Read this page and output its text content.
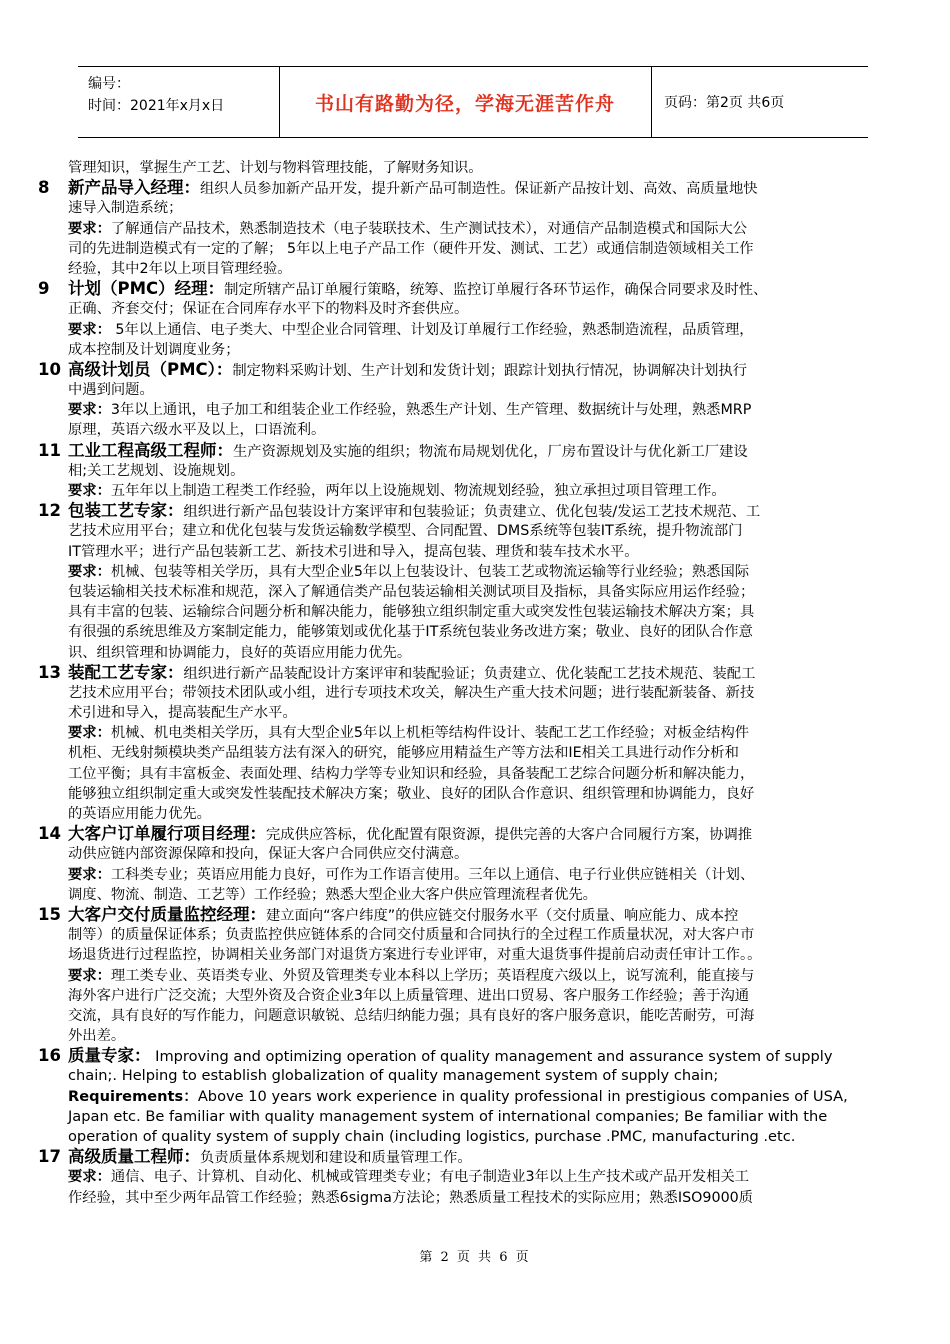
编号：
时间：2021年x月x日	书山有路勤为径，学海无涯苦作舟	页码：第2页 共6页
管理知识，掌握生产工艺、计划与物料管理技能，了解财务知识。
8 新产品导入经理：组织人员参加新产品开发，提升新产品可制造性。保证新产品按计划、高效、高质量地快
速导入制造系统；
要求：了解通信产品技术，熟悉制造技术（电子装联技术、生产测试技术），对通信产品制造模式和国际大公
司的先进制造模式有一定的了解； 5年以上电子产品工作（硬件开发、测试、工艺）或通信制造领域相关工作
经验，其中2年以上项目管理经验。
9 计划（PMC）经理：制定所辖产品订单履行策略，统筹、监控订单履行各环节运作，确保合同要求及时性、
正确、齐套交付；保证在合同库存水平下的物料及时齐套供应。
要求： 5年以上通信、电子类大、中型企业合同管理、计划及订单履行工作经验，熟悉制造流程，品质管理，
成本控制及计划调度业务；
10 高级计划员（PMC）：制定物料采购计划、生产计划和发货计划；跟踪计划执行情况，协调解决计划执行
中遇到问题。
要求：3年以上通讯，电子加工和组装企业工作经验，熟悉生产计划、生产管理、数据统计与处理，熟悉MRP
原理，英语六级水平及以上，口语流利。
11 工业工程高级工程师：生产资源规划及实施的组织；物流布局规划优化，厂房布置设计与优化新工厂建设
相;关工艺规划、设施规划。
要求：五年年以上制造工程类工作经验，两年以上设施规划、物流规划经验，独立承担过项目管理工作。
12 包装工艺专家：组织进行新产品包装设计方案评审和包装验证；负责建立、优化包装/发运工艺技术规范、工
艺技术应用平台；建立和优化包装与发货运输数学模型、合同配置、DMS系统等包装IT系统，提升物流部门
IT管理水平；进行产品包装新工艺、新技术引进和导入，提高包装、理货和装车技术水平。
要求：机械、包装等相关学历，具有大型企业5年以上包装设计、包装工艺或物流运输等行业经验；熟悉国际
包装运输相关技术标准和规范，深入了解通信类产品包装运输相关测试项目及指标，具备实际应用运作经验；
具有丰富的包装、运输综合问题分析和解决能力，能够独立组织制定重大或突发性包装运输技术解决方案；具
有很强的系统思维及方案制定能力，能够策划或优化基于IT系统包装业务改进方案；敬业、良好的团队合作意
识、组织管理和协调能力，良好的英语应用能力优先。
13 装配工艺专家：组织进行新产品装配设计方案评审和装配验证；负责建立、优化装配工艺技术规范、装配工
艺技术应用平台；带领技术团队或小组，进行专项技术攻关，解决生产重大技术问题；进行装配新装备、新技
术引进和导入，提高装配生产水平。
要求：机械、机电类相关学历，具有大型企业5年以上机柜等结构件设计、装配工艺工作经验；对板金结构件
机柜、无线射频模块类产品组装方法有深入的研究，能够应用精益生产等方法和IE相关工具进行动作分析和
工位平衡；具有丰富板金、表面处理、结构力学等专业知识和经验，具备装配工艺综合问题分析和解决能力，
能够独立组织制定重大或突发性装配技术解决方案；敬业、良好的团队合作意识、组织管理和协调能力，良好
的英语应用能力优先。
14 大客户订单履行项目经理：完成供应答标，优化配置有限资源，提供完善的大客户合同履行方案，协调推
动供应链内部资源保障和投向，保证大客户合同供应交付满意。
要求：工科类专业；英语应用能力良好，可作为工作语言使用。三年以上通信、电子行业供应链相关（计划、
调度、物流、制造、工艺等）工作经验；熟悉大型企业大客户供应管理流程者优先。
15 大客户交付质量监控经理：建立面向“客户纬度”的供应链交付服务水平（交付质量、响应能力、成本控
制等）的质量保证体系；负责监控供应链体系的合同交付质量和合同执行的全过程工作质量状况，对大客户市
场退货进行过程监控，协调相关业务部门对退货方案进行专业评审，对重大退货事件提前启动责任审计工作。。
要求：理工类专业、英语类专业、外贸及管理类专业本科以上学历；英语程度六级以上，说写流利，能直接与
海外客户进行广泛交流；大型外资及合资企业3年以上质量管理、进出口贸易、客户服务工作经验；善于沟通
交流，具有良好的写作能力，问题意识敏锐、总结归纳能力强；具有良好的客户服务意识，能吃苦耐劳，可海
外出差。
16 质量专家： Improving and optimizing operation of quality management and assurance system of supply
chain;. Helping to establish globalization of quality management system of supply chain;
Requirements：Above 10 years work experience in quality professional in prestigious companies of USA,
Japan etc. Be familiar with quality management system of international companies; Be familiar with the
operation of quality system of supply chain (including logistics, purchase .PMC, manufacturing .etc.
17 高级质量工程师：负责质量体系规划和建设和质量管理工作。
要求：通信、电子、计算机、自动化、机械或管理类专业；有电子制造业3年以上生产技术或产品开发相关工
作经验，其中至少两年品管工作经验；熟悉6sigma方法论；熟悉质量工程技术的实际应用；熟悉ISO9000质
第 2 页 共 6 页
